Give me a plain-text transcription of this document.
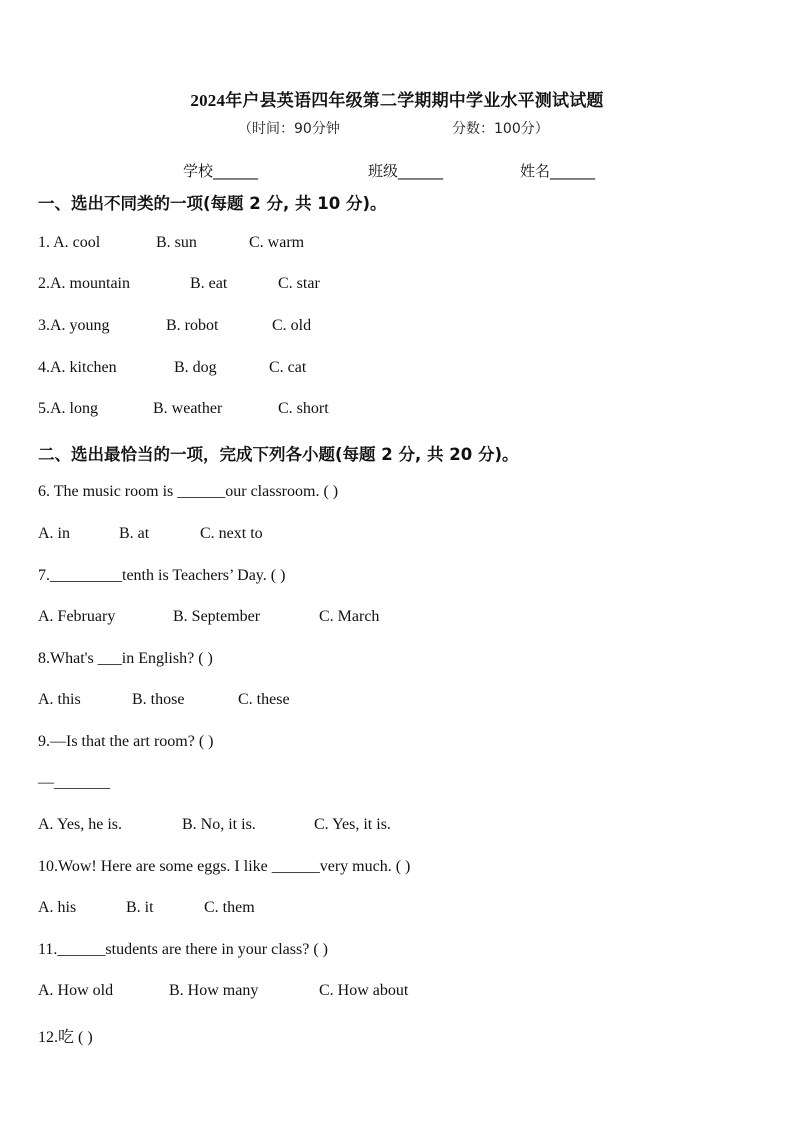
2024年户县英语四年级第二学期期中学业水平测试试题
（时间：90分钟	分数：100分）
学校______	班级______	姓名______
一、选出不同类的一项(每题 2 分, 共 10 分)。
1. A. cool	B. sun	C. warm
2.A. mountain	B. eat	C. star
3.A. young	B. robot	C. old
4.A. kitchen	B. dog	C. cat
5.A. long	B. weather	C. short
二、选出最恰当的一项，完成下列各小题(每题 2 分, 共 20 分)。
6. The music room is ______our classroom. ( )
A. in	B. at	C. next to
7._________tenth is Teachers’ Day. ( )
A. February	B. September	C. March
8.What's ___in English? ( )
A. this	B. those	C. these
9.—Is that the art room? ( )
—_______
A. Yes, he is.	B. No, it is.	C. Yes, it is.
10.Wow! Here are some eggs. I like ______very much. ( )
A. his	B. it	C. them
11.______students are there in your class? ( )
A. How old	B. How many	C. How about
12.吃 ( )
